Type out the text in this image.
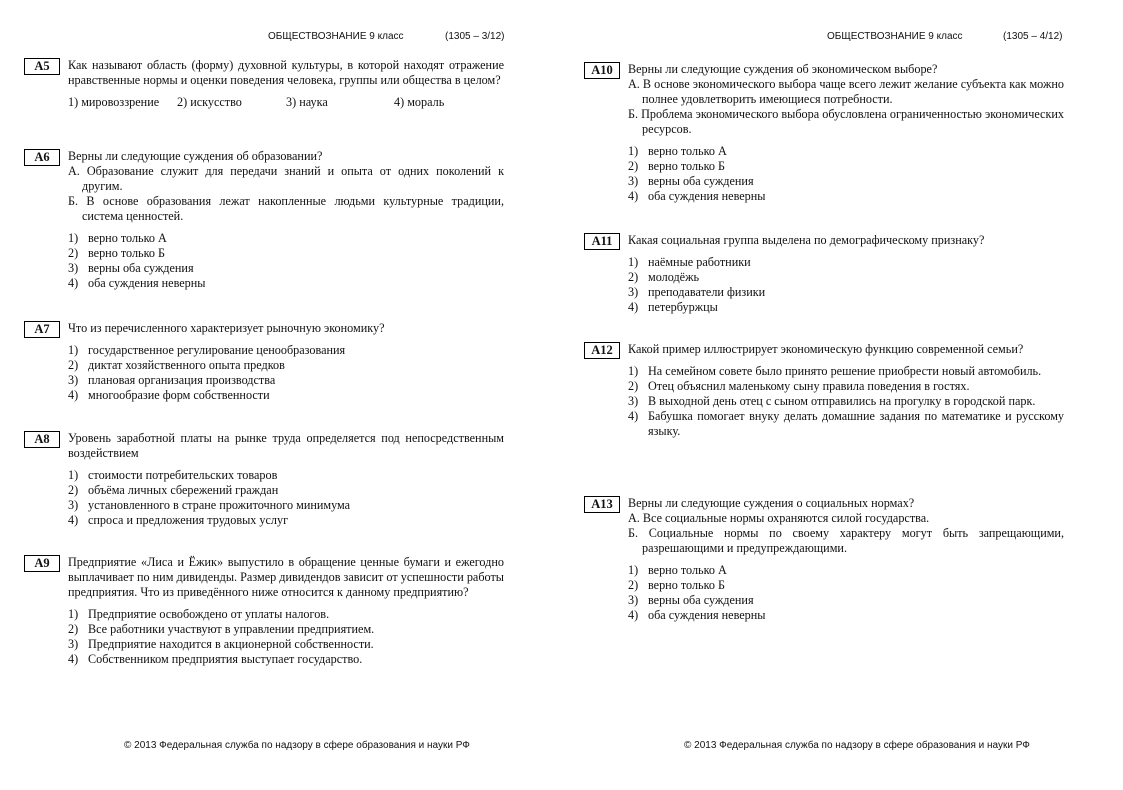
ОБЩЕСТВОЗНАНИЕ 9 класс	(1305 – 3/12)
A5	Как называют область (форму) духовной культуры, в которой находят отражение нравственные нормы и оценки поведения человека, группы или общества в целом?
1) мировоззрение 2) искусство	3) наука	4) мораль
A6	Верны ли следующие суждения об образовании?
А. Образование служит для передачи знаний и опыта от одних поколений к другим.
Б. В основе образования лежат накопленные людьми культурные традиции, система ценностей.
1) верно только А
2) верно только Б
3) верны оба суждения
4) оба суждения неверны
A7	Что из перечисленного характеризует рыночную экономику?
1) государственное регулирование ценообразования
2) диктат хозяйственного опыта предков
3) плановая организация производства
4) многообразие форм собственности
A8	Уровень заработной платы на рынке труда определяется под непосредственным воздействием
1) стоимости потребительских товаров
2) объёма личных сбережений граждан
3) установленного в стране прожиточного минимума
4) спроса и предложения трудовых услуг
A9	Предприятие «Лиса и Ёжик» выпустило в обращение ценные бумаги и ежегодно выплачивает по ним дивиденды. Размер дивидендов зависит от успешности работы предприятия. Что из приведённого ниже относится к данному предприятию?
1) Предприятие освобождено от уплаты налогов.
2) Все работники участвуют в управлении предприятием.
3) Предприятие находится в акционерной собственности.
4) Собственником предприятия выступает государство.
© 2013 Федеральная служба по надзору в сфере образования и науки РФ
ОБЩЕСТВОЗНАНИЕ 9 класс	(1305 – 4/12)
A10	Верны ли следующие суждения об экономическом выборе?
А. В основе экономического выбора чаще всего лежит желание субъекта как можно полнее удовлетворить имеющиеся потребности.
Б. Проблема экономического выбора обусловлена ограниченностью экономических ресурсов.
1) верно только А
2) верно только Б
3) верны оба суждения
4) оба суждения неверны
A11	Какая социальная группа выделена по демографическому признаку?
1) наёмные работники
2) молодёжь
3) преподаватели физики
4) петербуржцы
A12	Какой пример иллюстрирует экономическую функцию современной семьи?
1) На семейном совете было принято решение приобрести новый автомобиль.
2) Отец объяснил маленькому сыну правила поведения в гостях.
3) В выходной день отец с сыном отправились на прогулку в городской парк.
4) Бабушка помогает внуку делать домашние задания по математике и русскому языку.
A13	Верны ли следующие суждения о социальных нормах?
А. Все социальные нормы охраняются силой государства.
Б. Социальные нормы по своему характеру могут быть запрещающими, разрешающими и предупреждающими.
1) верно только А
2) верно только Б
3) верны оба суждения
4) оба суждения неверны
© 2013 Федеральная служба по надзору в сфере образования и науки РФ
